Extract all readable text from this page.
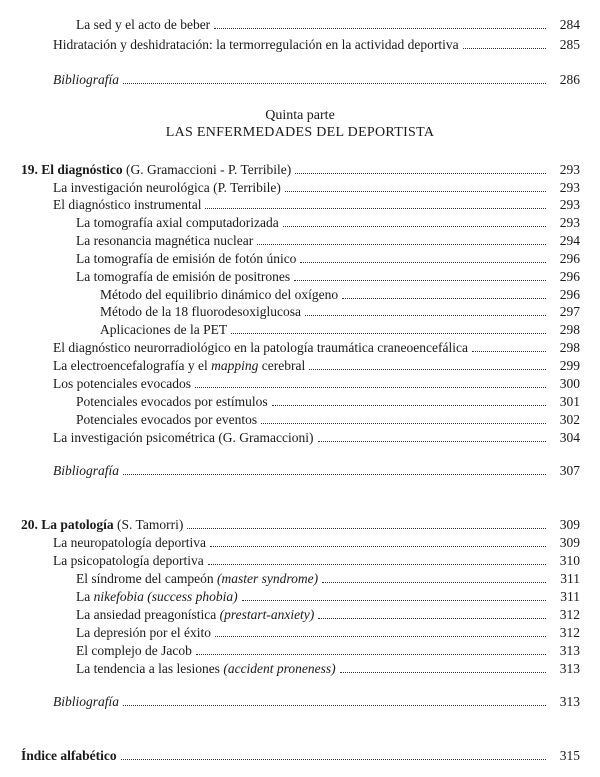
La sed y el acto de beber	284
Hidratación y deshidratación: la termorregulación en la actividad deportiva	285
Bibliografía	286
Quinta parte
LAS ENFERMEDADES DEL DEPORTISTA
19. El diagnóstico (G. Gramaccioni - P. Terribile)	293
La investigación neurológica (P. Terribile)	293
El diagnóstico instrumental	293
La tomografía axial computadorizada	293
La resonancia magnética nuclear	294
La tomografía de emisión de fotón único	296
La tomografía de emisión de positrones	296
Método del equilibrio dinámico del oxígeno	296
Método de la 18 fluorodesoxiglucosa	297
Aplicaciones de la PET	298
El diagnóstico neurorradiológico en la patología traumática craneoencefálica	298
La electroencefalografía y el mapping cerebral	299
Los potenciales evocados	300
Potenciales evocados por estímulos	301
Potenciales evocados por eventos	302
La investigación psicométrica (G. Gramaccioni)	304
Bibliografía	307
20. La patología (S. Tamorri)	309
La neuropatología deportiva	309
La psicopatología deportiva	310
El síndrome del campeón (master syndrome)	311
La nikefobia (success phobia)	311
La ansiedad preagonística (prestart-anxiety)	312
La depresión por el éxito	312
El complejo de Jacob	313
La tendencia a las lesiones (accident proneness)	313
Bibliografía	313
Índice alfabético	315
